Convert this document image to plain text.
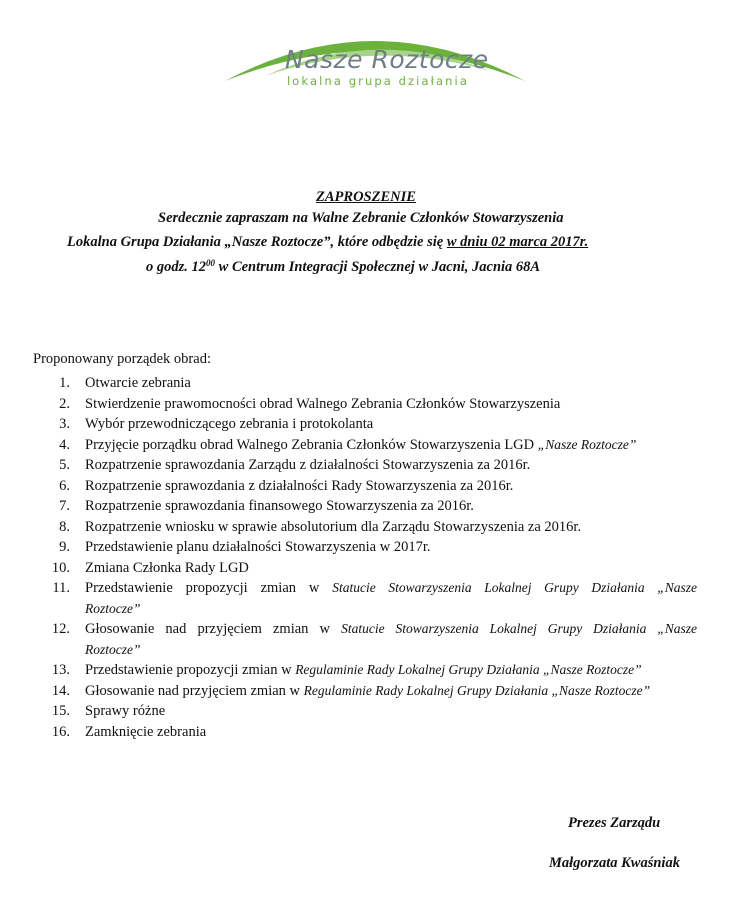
Nasze Roztocze
lokalna grupa działania
ZAPROSZENIE
Serdecznie zapraszam na Walne Zebranie Członków Stowarzyszenia
Lokalna Grupa Działania „Nasze Roztocze”, które odbędzie się w dniu 02 marca 2017r.
o godz. $12^{00}$ w Centrum Integracji Społecznej w Jacni, Jacnia 68A
Proponowany porządek obrad:
1. Otwarcie zebrania
2. Stwierdzenie prawomocności obrad Walnego Zebrania Członków Stowarzyszenia
3. Wybór przewodniczącego zebrania i protokolanta
4. Przyjęcie porządku obrad Walnego Zebrania Członków Stowarzyszenia LGD „Nasze Roztocze”
5. Rozpatrzenie sprawozdania Zarządu z działalności Stowarzyszenia za 2016r.
6. Rozpatrzenie sprawozdania z działalności Rady Stowarzyszenia za 2016r.
7. Rozpatrzenie sprawozdania finansowego Stowarzyszenia za 2016r.
8. Rozpatrzenie wniosku w sprawie absolutorium dla Zarządu Stowarzyszenia za 2016r.
9. Przedstawienie planu działalności Stowarzyszenia w 2017r.
10. Zmiana Członka Rady LGD
11. Przedstawienie propozycji zmian w Statucie Stowarzyszenia Lokalnej Grupy Działania „Nasze
Roztocze”
12. Głosowanie nad przyjęciem zmian w Statucie Stowarzyszenia Lokalnej Grupy Działania „Nasze
Roztocze”
13. Przedstawienie propozycji zmian w Regulaminie Rady Lokalnej Grupy Działania „Nasze Roztocze”
14. Głosowanie nad przyjęciem zmian w Regulaminie Rady Lokalnej Grupy Działania „Nasze Roztocze”
15. Sprawy różne
16. Zamknięcie zebrania
Prezes Zarządu
Małgorzata Kwaśniak
